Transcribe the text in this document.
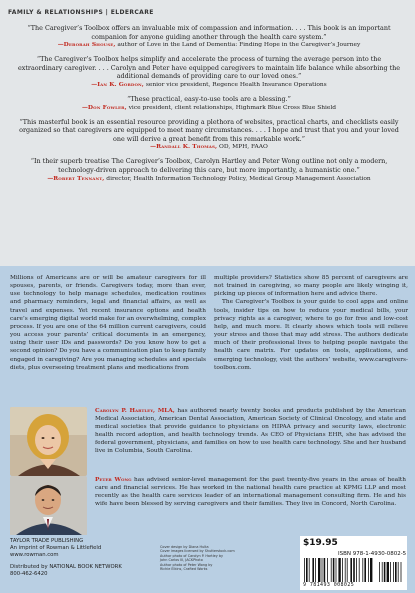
FAMILY & RELATIONSHIPS | ELDERCARE
“The Caregiver’s Toolbox offers an invaluable mix of compassion and information. . . . This book is an important companion for anyone guiding another through the health care system.”
—Deborah Shouse, author of Love in the Land of Dementia: Finding Hope in the Caregiver’s Journey
“The Caregiver’s Toolbox helps simplify and accelerate the process of turning the average person into the extraordinary caregiver. . . . Carolyn and Peter have equipped caregivers to maintain life balance while absorbing the additional demands of providing care to our loved ones.”
—Ian K. Gordon, senior vice president, Regence Health Insurance Operations
“These practical, easy-to-use tools are a blessing.”
—Don Fowler, vice president, client relationships, Highmark Blue Cross Blue Shield
“This masterful book is an essential resource providing a plethora of websites, practical charts, and checklists easily organized so that caregivers are equipped to meet many circumstances. . . . I hope and trust that you and your loved one will derive a great benefit from this remarkable work.”
—Randall K. Thomas, OD, MPH, FAAO
“In their superb treatise The Caregiver’s Toolbox, Carolyn Hartley and Peter Wong outline not only a modern, technology-driven approach to delivering this care, but more importantly, a humanistic one.”
—Robert Tennant, director, Health Information Technology Policy, Medical Group Management Association

Millions of Americans are or will be amateur caregivers for ill spouses, parents, or friends. Caregivers today, more than ever, use technology to help manage schedules, medication routines and pharmacy reminders, legal and financial affairs, as well as travel and expenses. Yet recent insurance options and health care’s emerging digital world make for an overwhelming, complex process. If you are one of the 64 million current caregivers, could you access your parents’ critical documents in an emergency, using their user IDs and passwords? Do you know how to get a second opinion? Do you have a communication plan to keep family engaged in caregiving? Are you managing schedules and specials diets, plus overseeing treatment plans and medications from

multiple providers? Statistics show 85 percent of caregivers are not trained in caregiving, so many people are likely winging it, picking up pieces of information here and advice there.

The Caregiver’s Toolbox is your guide to cool apps and online tools, insider tips on how to reduce your medical bills, your privacy rights as a caregiver, where to go for free and low-cost help, and much more. It clearly shows which tools will relieve your stress and those that may add stress. The authors dedicate much of their professional lives to helping people navigate the health care matrix. For updates on tools, applications, and emerging technology, visit the authors’ website, www.caregivers-toolbox.com.

Carolyn P. Hartley, MLA, has authored nearly twenty books and products published by the American Medical Association, American Dental Association, American Society of Clinical Oncology, and state and medical societies that provide guidance to physicians on HIPAA privacy and security laws, electronic health record adoption, and health technology trends. As CEO of Physicians EHR, she has advised the federal government, physicians, and families on how to use health care technology. She and her husband live in Columbia, South Carolina.
Peter Wong has advised senior-level management for the past twenty-five years in the areas of health care and financial services. He has worked in the national health care practice at KPMG LLP and most recently as the health care services leader of an international management consulting firm. He and his wife have been blessed by serving caregivers and their families. They live in Concord, North Carolina.
TAYLOR TRADE PUBLISHING
An imprint of Rowman & Littlefield
www.rowman.com
Distributed by NATIONAL BOOK NETWORK
800-462-6420
Cover design by Diana Hulta
Cover images licensed by Shutterstock.com
Author photo of Carolyn P. Hartley by
John Carlos III, JACKPhoto
Author photo of Peter Wong by
Richie Elkins, Crafted Works
$19.95
ISBN 978-1-4930-0802-5
9 781493 008025
